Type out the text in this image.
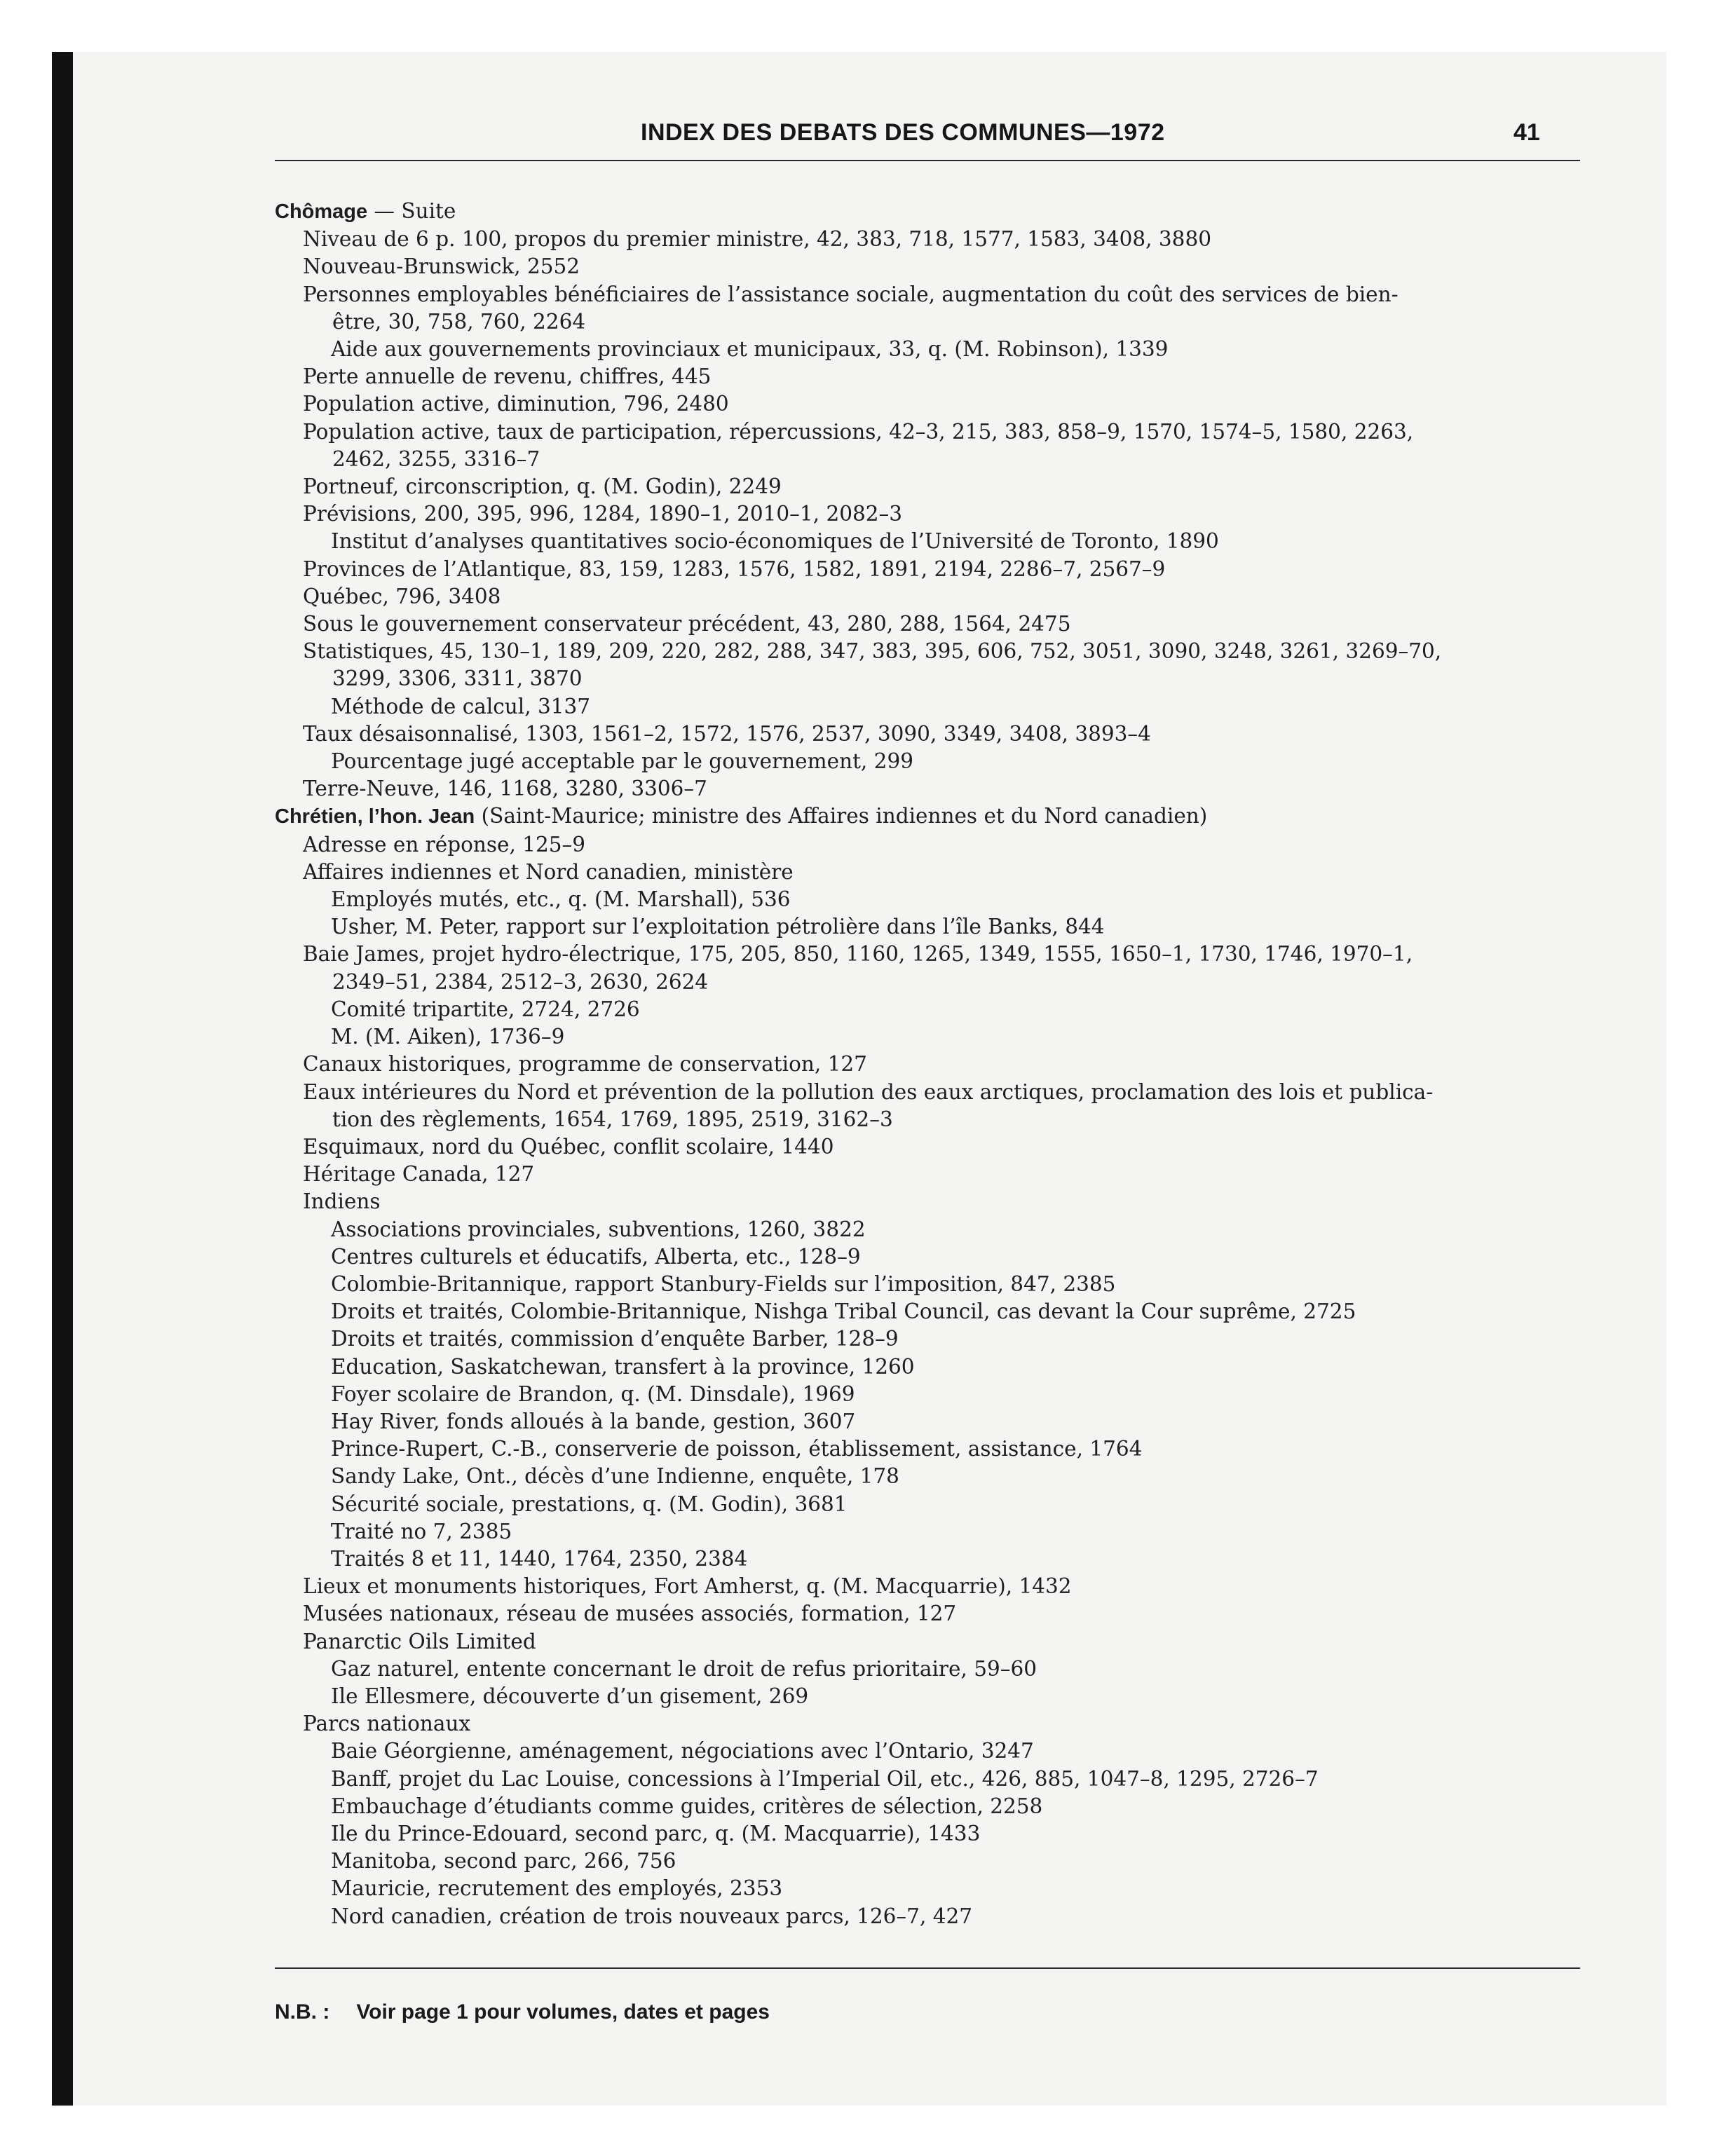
INDEX DES DEBATS DES COMMUNES—1972	41
Chômage — Suite
Niveau de 6 p. 100, propos du premier ministre, 42, 383, 718, 1577, 1583, 3408, 3880
Nouveau-Brunswick, 2552
Personnes employables bénéficiaires de l’assistance sociale, augmentation du coût des services de bien-
être, 30, 758, 760, 2264
Aide aux gouvernements provinciaux et municipaux, 33, q. (M. Robinson), 1339
Perte annuelle de revenu, chiffres, 445
Population active, diminution, 796, 2480
Population active, taux de participation, répercussions, 42–3, 215, 383, 858–9, 1570, 1574–5, 1580, 2263,
2462, 3255, 3316–7
Portneuf, circonscription, q. (M. Godin), 2249
Prévisions, 200, 395, 996, 1284, 1890–1, 2010–1, 2082–3
Institut d’analyses quantitatives socio-économiques de l’Université de Toronto, 1890
Provinces de l’Atlantique, 83, 159, 1283, 1576, 1582, 1891, 2194, 2286–7, 2567–9
Québec, 796, 3408
Sous le gouvernement conservateur précédent, 43, 280, 288, 1564, 2475
Statistiques, 45, 130–1, 189, 209, 220, 282, 288, 347, 383, 395, 606, 752, 3051, 3090, 3248, 3261, 3269–70,
3299, 3306, 3311, 3870
Méthode de calcul, 3137
Taux désaisonnalisé, 1303, 1561–2, 1572, 1576, 2537, 3090, 3349, 3408, 3893–4
Pourcentage jugé acceptable par le gouvernement, 299
Terre-Neuve, 146, 1168, 3280, 3306–7
Chrétien, l’hon. Jean (Saint-Maurice; ministre des Affaires indiennes et du Nord canadien)
Adresse en réponse, 125–9
Affaires indiennes et Nord canadien, ministère
Employés mutés, etc., q. (M. Marshall), 536
Usher, M. Peter, rapport sur l’exploitation pétrolière dans l’île Banks, 844
Baie James, projet hydro-électrique, 175, 205, 850, 1160, 1265, 1349, 1555, 1650–1, 1730, 1746, 1970–1,
2349–51, 2384, 2512–3, 2630, 2624
Comité tripartite, 2724, 2726
M. (M. Aiken), 1736–9
Canaux historiques, programme de conservation, 127
Eaux intérieures du Nord et prévention de la pollution des eaux arctiques, proclamation des lois et publica-
tion des règlements, 1654, 1769, 1895, 2519, 3162–3
Esquimaux, nord du Québec, conflit scolaire, 1440
Héritage Canada, 127
Indiens
Associations provinciales, subventions, 1260, 3822
Centres culturels et éducatifs, Alberta, etc., 128–9
Colombie-Britannique, rapport Stanbury-Fields sur l’imposition, 847, 2385
Droits et traités, Colombie-Britannique, Nishga Tribal Council, cas devant la Cour suprême, 2725
Droits et traités, commission d’enquête Barber, 128–9
Education, Saskatchewan, transfert à la province, 1260
Foyer scolaire de Brandon, q. (M. Dinsdale), 1969
Hay River, fonds alloués à la bande, gestion, 3607
Prince-Rupert, C.-B., conserverie de poisson, établissement, assistance, 1764
Sandy Lake, Ont., décès d’une Indienne, enquête, 178
Sécurité sociale, prestations, q. (M. Godin), 3681
Traité no 7, 2385
Traités 8 et 11, 1440, 1764, 2350, 2384
Lieux et monuments historiques, Fort Amherst, q. (M. Macquarrie), 1432
Musées nationaux, réseau de musées associés, formation, 127
Panarctic Oils Limited
Gaz naturel, entente concernant le droit de refus prioritaire, 59–60
Ile Ellesmere, découverte d’un gisement, 269
Parcs nationaux
Baie Géorgienne, aménagement, négociations avec l’Ontario, 3247
Banff, projet du Lac Louise, concessions à l’Imperial Oil, etc., 426, 885, 1047–8, 1295, 2726–7
Embauchage d’étudiants comme guides, critères de sélection, 2258
Ile du Prince-Edouard, second parc, q. (M. Macquarrie), 1433
Manitoba, second parc, 266, 756
Mauricie, recrutement des employés, 2353
Nord canadien, création de trois nouveaux parcs, 126–7, 427
N.B. : Voir page 1 pour volumes, dates et pages
